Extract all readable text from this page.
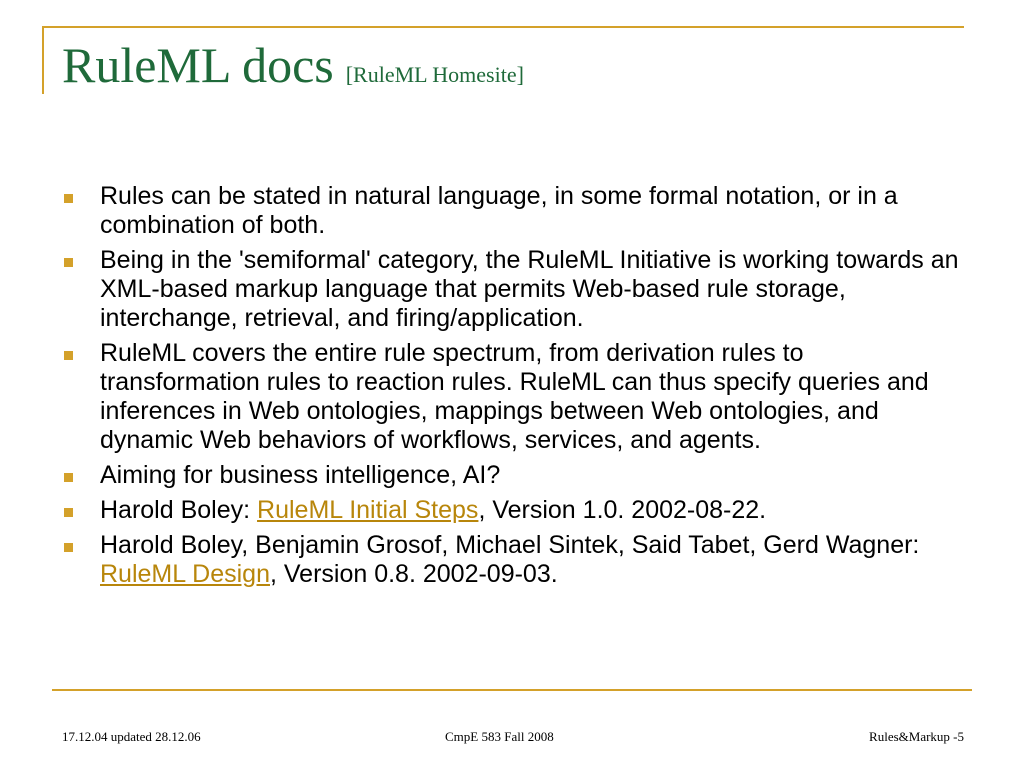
RuleML docs [RuleML Homesite]
Rules can be stated in natural language, in some formal notation, or in a combination of both.
Being in the 'semiformal' category, the RuleML Initiative is working towards an XML-based markup language that permits Web-based rule storage, interchange, retrieval, and firing/application.
RuleML covers the entire rule spectrum, from derivation rules to transformation rules to reaction rules. RuleML can thus specify queries and inferences in Web ontologies, mappings between Web ontologies, and dynamic Web behaviors of workflows, services, and agents.
Aiming for business intelligence, AI?
Harold Boley: RuleML Initial Steps, Version 1.0. 2002-08-22.
Harold Boley, Benjamin Grosof, Michael Sintek, Said Tabet, Gerd Wagner: RuleML Design, Version 0.8. 2002-09-03.
17.12.04 updated 28.12.06	CmpE 583 Fall 2008	Rules&Markup -5
